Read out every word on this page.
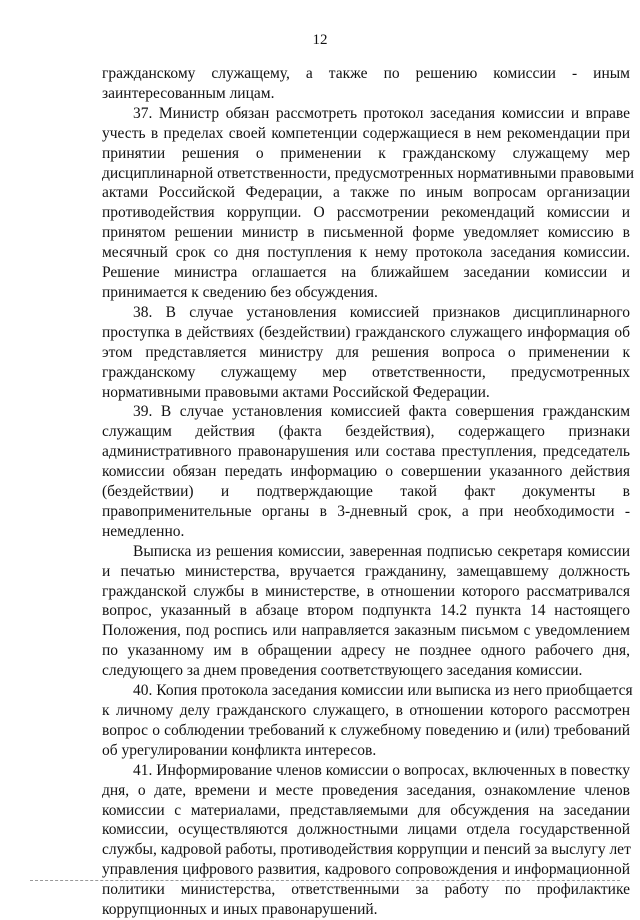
12
гражданскому служащему, а также по решению комиссии - иным
заинтересованным лицам.
37. Министр обязан рассмотреть протокол заседания комиссии и вправе
учесть в пределах своей компетенции содержащиеся в нем рекомендации при
принятии решения о применении к гражданскому служащему мер
дисциплинарной ответственности, предусмотренных нормативными правовыми
актами Российской Федерации, а также по иным вопросам организации
противодействия коррупции. О рассмотрении рекомендаций комиссии и
принятом решении министр в письменной форме уведомляет комиссию в
месячный срок со дня поступления к нему протокола заседания комиссии.
Решение министра оглашается на ближайшем заседании комиссии и
принимается к сведению без обсуждения.
38. В случае установления комиссией признаков дисциплинарного
проступка в действиях (бездействии) гражданского служащего информация об
этом представляется министру для решения вопроса о применении к
гражданскому служащему мер ответственности, предусмотренных
нормативными правовыми актами Российской Федерации.
39. В случае установления комиссией факта совершения гражданским
служащим действия (факта бездействия), содержащего признаки
административного правонарушения или состава преступления, председатель
комиссии обязан передать информацию о совершении указанного действия
(бездействии) и подтверждающие такой факт документы в
правоприменительные органы в 3-дневный срок, а при необходимости -
немедленно.
Выписка из решения комиссии, заверенная подписью секретаря комиссии
и печатью министерства, вручается гражданину, замещавшему должность
гражданской службы в министерстве, в отношении которого рассматривался
вопрос, указанный в абзаце втором подпункта 14.2 пункта 14 настоящего
Положения, под роспись или направляется заказным письмом с уведомлением
по указанному им в обращении адресу не позднее одного рабочего дня,
следующего за днем проведения соответствующего заседания комиссии.
40. Копия протокола заседания комиссии или выписка из него приобщается
к личному делу гражданского служащего, в отношении которого рассмотрен
вопрос о соблюдении требований к служебному поведению и (или) требований
об урегулировании конфликта интересов.
41. Информирование членов комиссии о вопросах, включенных в повестку
дня, о дате, времени и месте проведения заседания, ознакомление членов
комиссии с материалами, представляемыми для обсуждения на заседании
комиссии, осуществляются должностными лицами отдела государственной
службы, кадровой работы, противодействия коррупции и пенсий за выслугу лет
управления цифрового развития, кадрового сопровождения и информационной
политики министерства, ответственными за работу по профилактике
коррупционных и иных правонарушений.
